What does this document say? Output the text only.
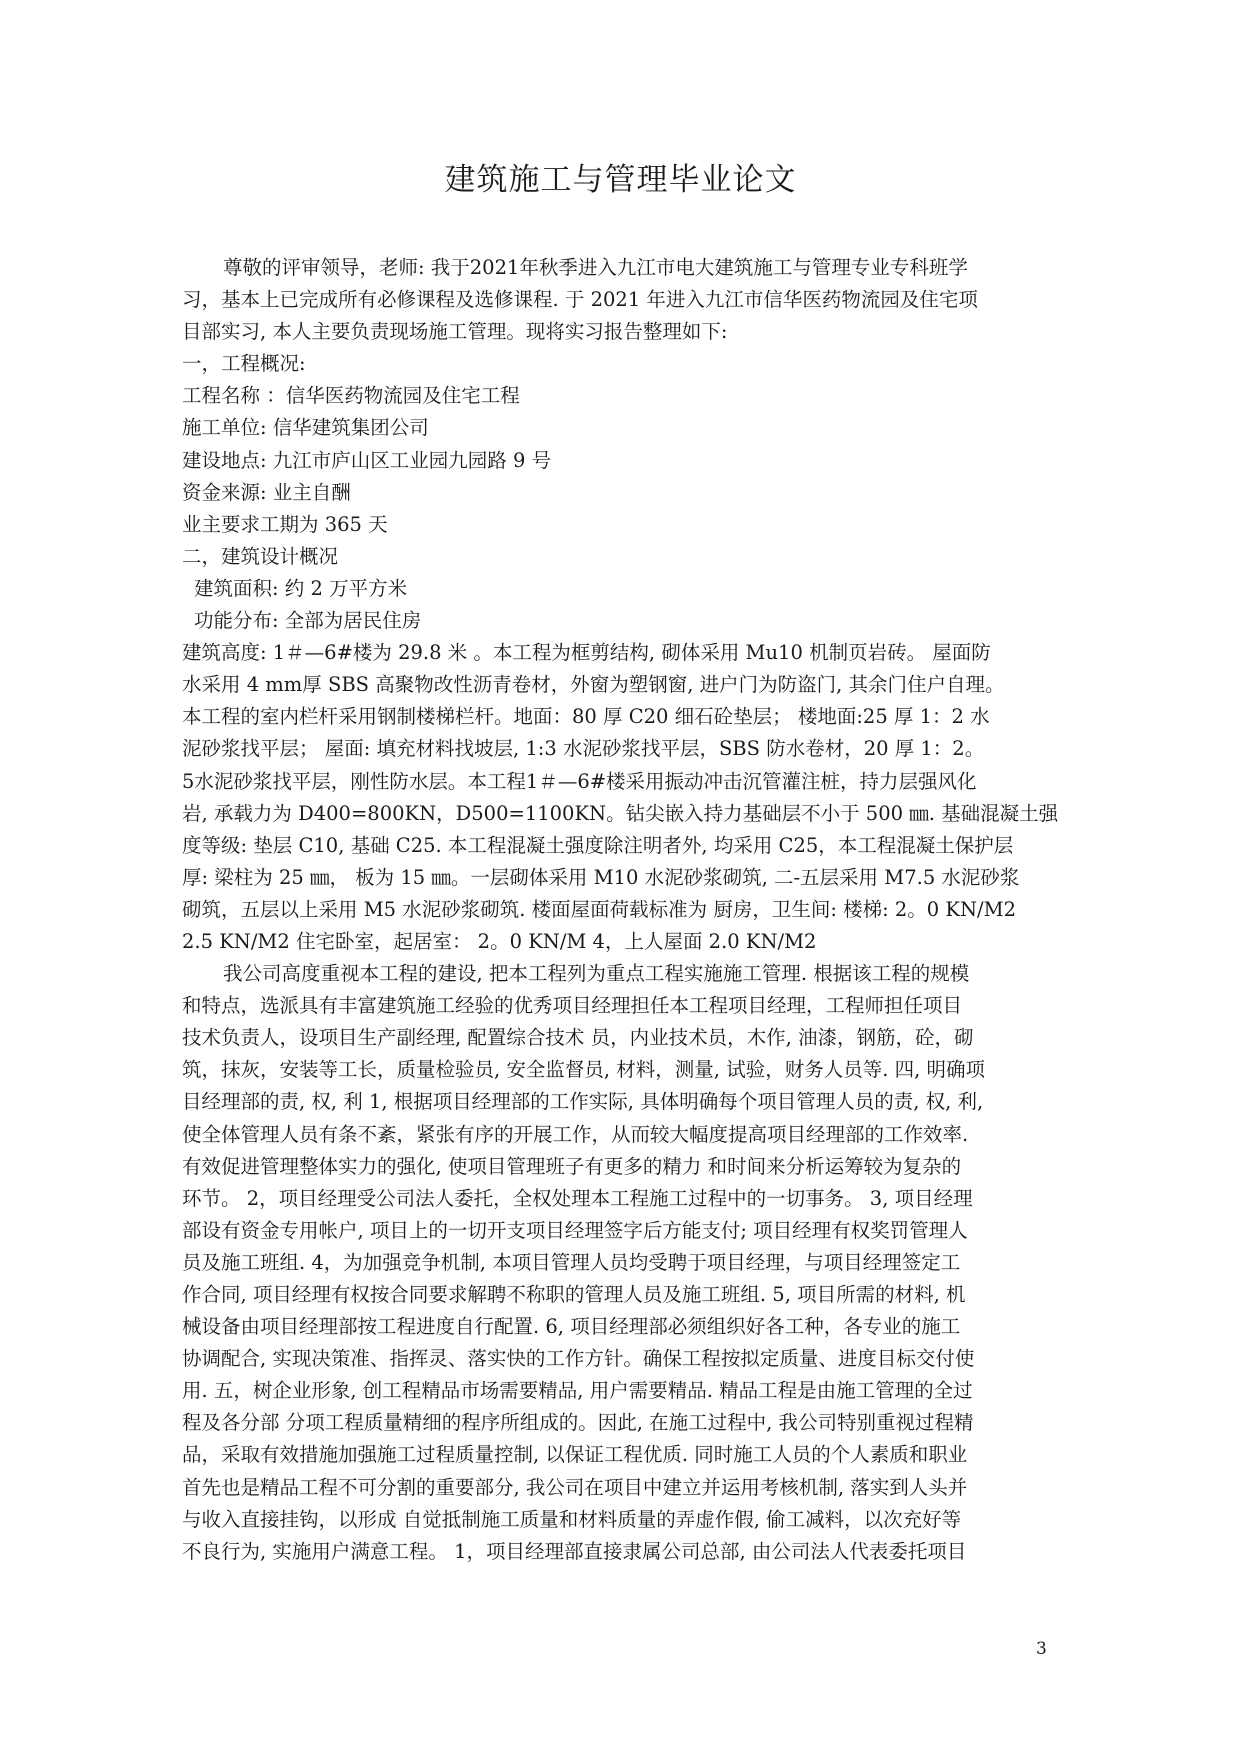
建筑施工与管理毕业论文
尊敬的评审领导，老师: 我于2021年秋季进入九江市电大建筑施工与管理专业专科班学
习，基本上已完成所有必修课程及选修课程. 于 2021 年进入九江市信华医药物流园及住宅项
目部实习, 本人主要负责现场施工管理。现将实习报告整理如下:
一，工程概况:
工程名称 ：信华医药物流园及住宅工程
施工单位: 信华建筑集团公司
建设地点: 九江市庐山区工业园九园路 9 号
资金来源: 业主自酬
业主要求工期为 365 天
二，建筑设计概况
建筑面积: 约 2 万平方米
功能分布: 全部为居民住房
建筑高度: 1＃—6#楼为 29.8 米 。本工程为框剪结构, 砌体采用 Mu10 机制页岩砖。 屋面防
水采用 4 mm厚 SBS 高聚物改性沥青卷材，外窗为塑钢窗, 进户门为防盗门, 其余门住户自理。
本工程的室内栏杆采用钢制楼梯栏杆。地面：80 厚 C20 细石砼垫层； 楼地面:25 厚 1：2 水
泥砂浆找平层； 屋面: 填充材料找坡层, 1:3 水泥砂浆找平层，SBS 防水卷材，20 厚 1：2。
5水泥砂浆找平层，刚性防水层。本工程1＃—6#楼采用振动冲击沉管灌注桩，持力层强风化
岩, 承载力为 D400=800KN，D500=1100KN。钻尖嵌入持力基础层不小于 500 ㎜. 基础混凝土强
度等级: 垫层 C10, 基础 C25. 本工程混凝土强度除注明者外, 均采用 C25，本工程混凝土保护层
厚: 梁柱为 25 ㎜， 板为 15 ㎜。一层砌体采用 M10 水泥砂浆砌筑, 二-五层采用 M7.5 水泥砂浆
砌筑，五层以上采用 M5 水泥砂浆砌筑. 楼面屋面荷载标准为 厨房，卫生间: 楼梯: 2。0 KN/M2
2.5 KN/M2 住宅卧室，起居室： 2。0 KN/M 4，上人屋面 2.0 KN/M2
我公司高度重视本工程的建设, 把本工程列为重点工程实施施工管理. 根据该工程的规模
和特点，选派具有丰富建筑施工经验的优秀项目经理担任本工程项目经理，工程师担任项目
技术负责人，设项目生产副经理, 配置综合技术 员，内业技术员，木作, 油漆，钢筋，砼，砌
筑，抹灰，安装等工长，质量检验员, 安全监督员, 材料，测量, 试验，财务人员等. 四, 明确项
目经理部的责, 权, 利 1, 根据项目经理部的工作实际, 具体明确每个项目管理人员的责, 权, 利,
使全体管理人员有条不紊，紧张有序的开展工作，从而较大幅度提高项目经理部的工作效率.
有效促进管理整体实力的强化, 使项目管理班子有更多的精力 和时间来分析运筹较为复杂的
环节。 2，项目经理受公司法人委托，全权处理本工程施工过程中的一切事务。 3, 项目经理
部设有资金专用帐户, 项目上的一切开支项目经理签字后方能支付; 项目经理有权奖罚管理人
员及施工班组. 4，为加强竞争机制, 本项目管理人员均受聘于项目经理，与项目经理签定工
作合同, 项目经理有权按合同要求解聘不称职的管理人员及施工班组. 5, 项目所需的材料, 机
械设备由项目经理部按工程进度自行配置. 6, 项目经理部必须组织好各工种，各专业的施工
协调配合, 实现决策准、指挥灵、落实快的工作方针。确保工程按拟定质量、进度目标交付使
用. 五，树企业形象, 创工程精品市场需要精品, 用户需要精品. 精品工程是由施工管理的全过
程及各分部 分项工程质量精细的程序所组成的。因此, 在施工过程中, 我公司特别重视过程精
品，采取有效措施加强施工过程质量控制, 以保证工程优质. 同时施工人员的个人素质和职业
首先也是精品工程不可分割的重要部分, 我公司在项目中建立并运用考核机制, 落实到人头并
与收入直接挂钩，以形成 自觉抵制施工质量和材料质量的弄虚作假, 偷工减料，以次充好等
不良行为, 实施用户满意工程。 1，项目经理部直接隶属公司总部, 由公司法人代表委托项目
3
